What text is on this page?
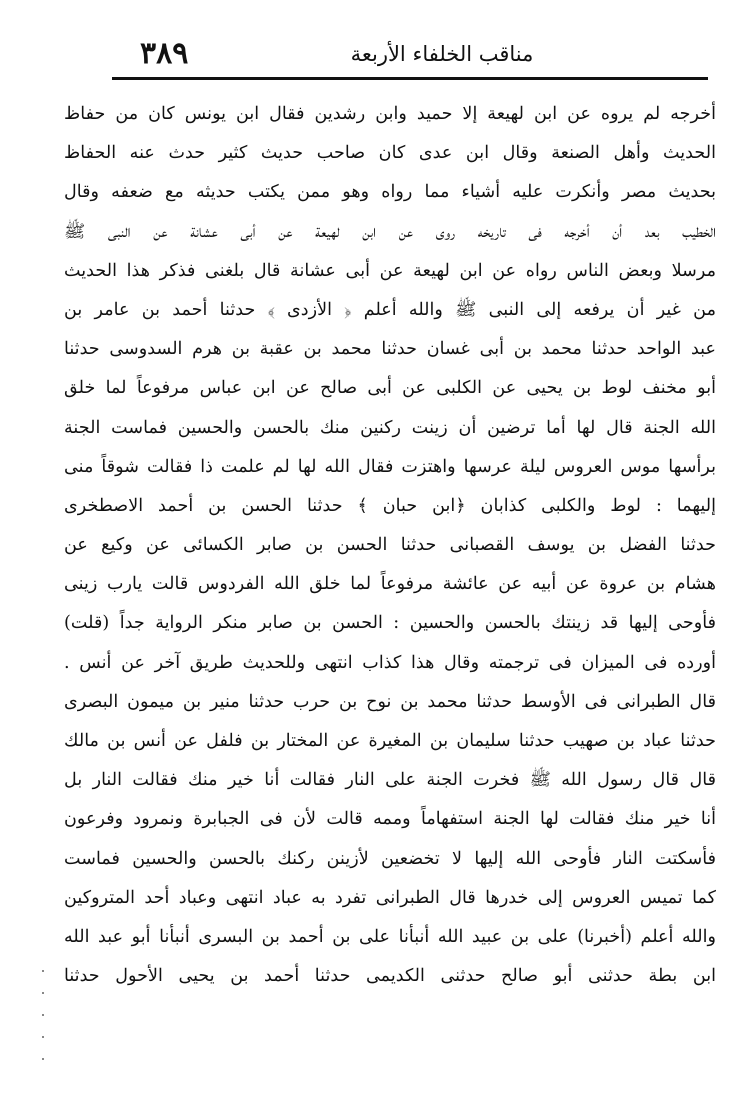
٣٨٩	مناقب الخلفاء الأربعة
أخرجه لم يروه عن ابن لهيعة إلا حميد وابن رشدين فقال ابن يونس كان من حفاظ
الحديث وأهل الصنعة وقال ابن عدى كان صاحب حديث كثير حدث عنه الحفاظ
بحديث مصر وأنكرت عليه أشياء مما رواه وهو ممن يكتب حديثه مع ضعفه وقال
الخطيب بعد أن أخرجه فى تاريخه روى عن ابن لهيعة عن أبى عشانة عن النبى ﷺ
مرسلا وبعض الناس رواه عن ابن لهيعة عن أبى عشانة قال بلغنى فذكر هذا الحديث
من غير أن يرفعه إلى النبى ﷺ والله أعلم ﴿ الأزدى ﴾ حدثنا أحمد بن عامر بن
عبد الواحد حدثنا محمد بن أبى غسان حدثنا محمد بن عقبة بن هرم السدوسى حدثنا
أبو مخنف لوط بن يحيى عن الكلبى عن أبى صالح عن ابن عباس مرفوعاً لما خلق
الله الجنة قال لها أما ترضين أن زينت ركنين منك بالحسن والحسين فماست الجنة
برأسها موس العروس ليلة عرسها واهتزت فقال الله لها لم علمت ذا فقالت شوقاً منى
إليهما : لوط والكلبى كذابان ﴿ابن حبان ﴾ حدثنا الحسن بن أحمد الاصطخرى
حدثنا الفضل بن يوسف القصبانى حدثنا الحسن بن صابر الكسائى عن وكيع عن
هشام بن عروة عن أبيه عن عائشة مرفوعاً لما خلق الله الفردوس قالت يارب زينى
فأوحى إليها قد زينتك بالحسن والحسين : الحسن بن صابر منكر الرواية جداً (قلت)
أورده فى الميزان فى ترجمته وقال هذا كذاب انتهى وللحديث طريق آخر عن أنس .
قال الطبرانى فى الأوسط حدثنا محمد بن نوح بن حرب حدثنا منير بن ميمون البصرى
حدثنا عباد بن صهيب حدثنا سليمان بن المغيرة عن المختار بن فلفل عن أنس بن مالك
قال قال رسول الله ﷺ فخرت الجنة على النار فقالت أنا خير منك فقالت النار بل
أنا خير منك فقالت لها الجنة استفهاماً وممه قالت لأن فى الجبابرة ونمرود وفرعون
فأسكتت النار فأوحى الله إليها لا تخضعين لأزينن ركنك بالحسن والحسين فماست
كما تميس العروس إلى خدرها قال الطبرانى تفرد به عباد انتهى وعباد أحد المتروكين
والله أعلم (أخبرنا) على بن عبيد الله أنبأنا على بن أحمد بن البسرى أنبأنا أبو عبد الله
ابن بطة حدثنى أبو صالح حدثنى الكديمى حدثنا أحمد بن يحيى الأحول حدثنا
